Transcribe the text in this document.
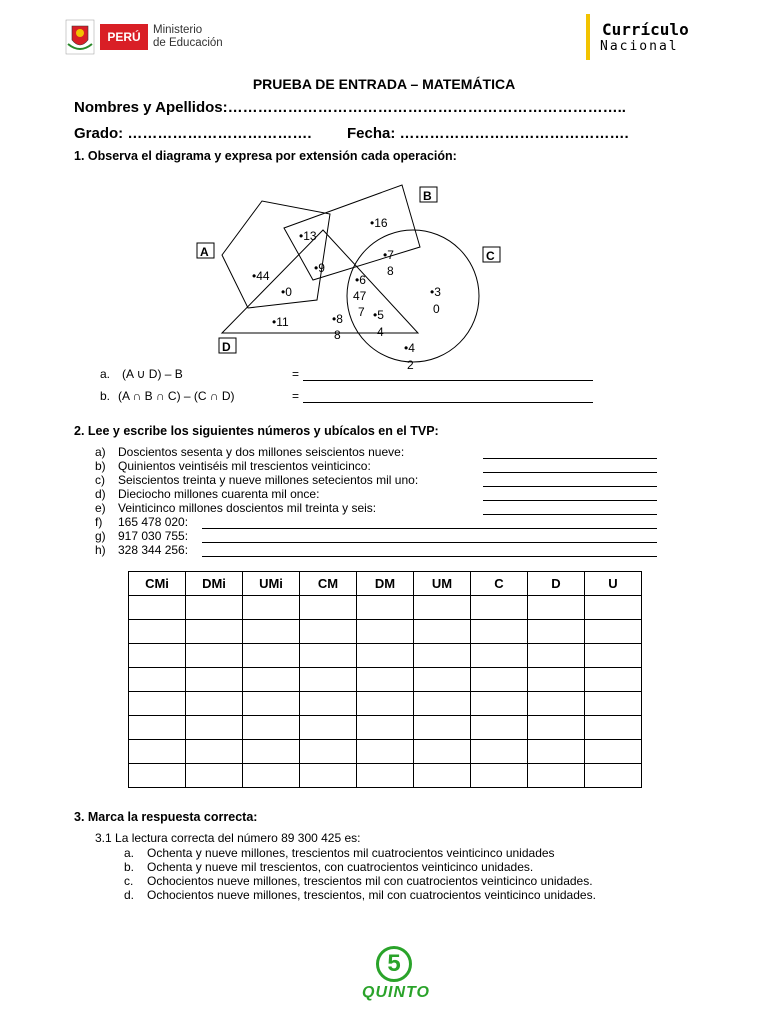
PERÚ	Ministerio
de Educación
Currículo
Nacional
PRUEBA DE ENTRADA – MATEMÁTICA
Nombres y Apellidos:……………………………………………………………………..
Grado: ………………………………. Fecha: ……………………………………….
1. Observa el diagrama y expresa por extensión cada operación:
A
B
C
D
•16
•13
•9
•44
•0
•7
8
•6
47
7
•3
0
•11	•8
8
•5
4
•4
2
a. (A ∪ D) – B	=
b. (A ∩ B ∩ C) – (C ∩ D)	=
2. Lee y escribe los siguientes números y ubícalos en el TVP:
a) Doscientos sesenta y dos millones seiscientos nueve:
b) Quinientos veintiséis mil trescientos veinticinco:
c) Seiscientos treinta y nueve millones setecientos mil uno:
d) Dieciocho millones cuarenta mil once:
e) Veinticinco millones doscientos mil treinta y seis:
f) 165 478 020:
g) 917 030 755:
h) 328 344 256:
CMi	DMi	UMi	CM	DM	UM	C	D	U

3. Marca la respuesta correcta:
3.1 La lectura correcta del número 89 300 425 es:
a. Ochenta y nueve millones, trescientos mil cuatrocientos veinticinco unidades
b. Ochenta y nueve mil trescientos, con cuatrocientos veinticinco unidades.
c. Ochocientos nueve millones, trescientos mil con cuatrocientos veinticinco unidades.
d. Ochocientos nueve millones, trescientos, mil con cuatrocientos veinticinco unidades.
5
QUINTO
